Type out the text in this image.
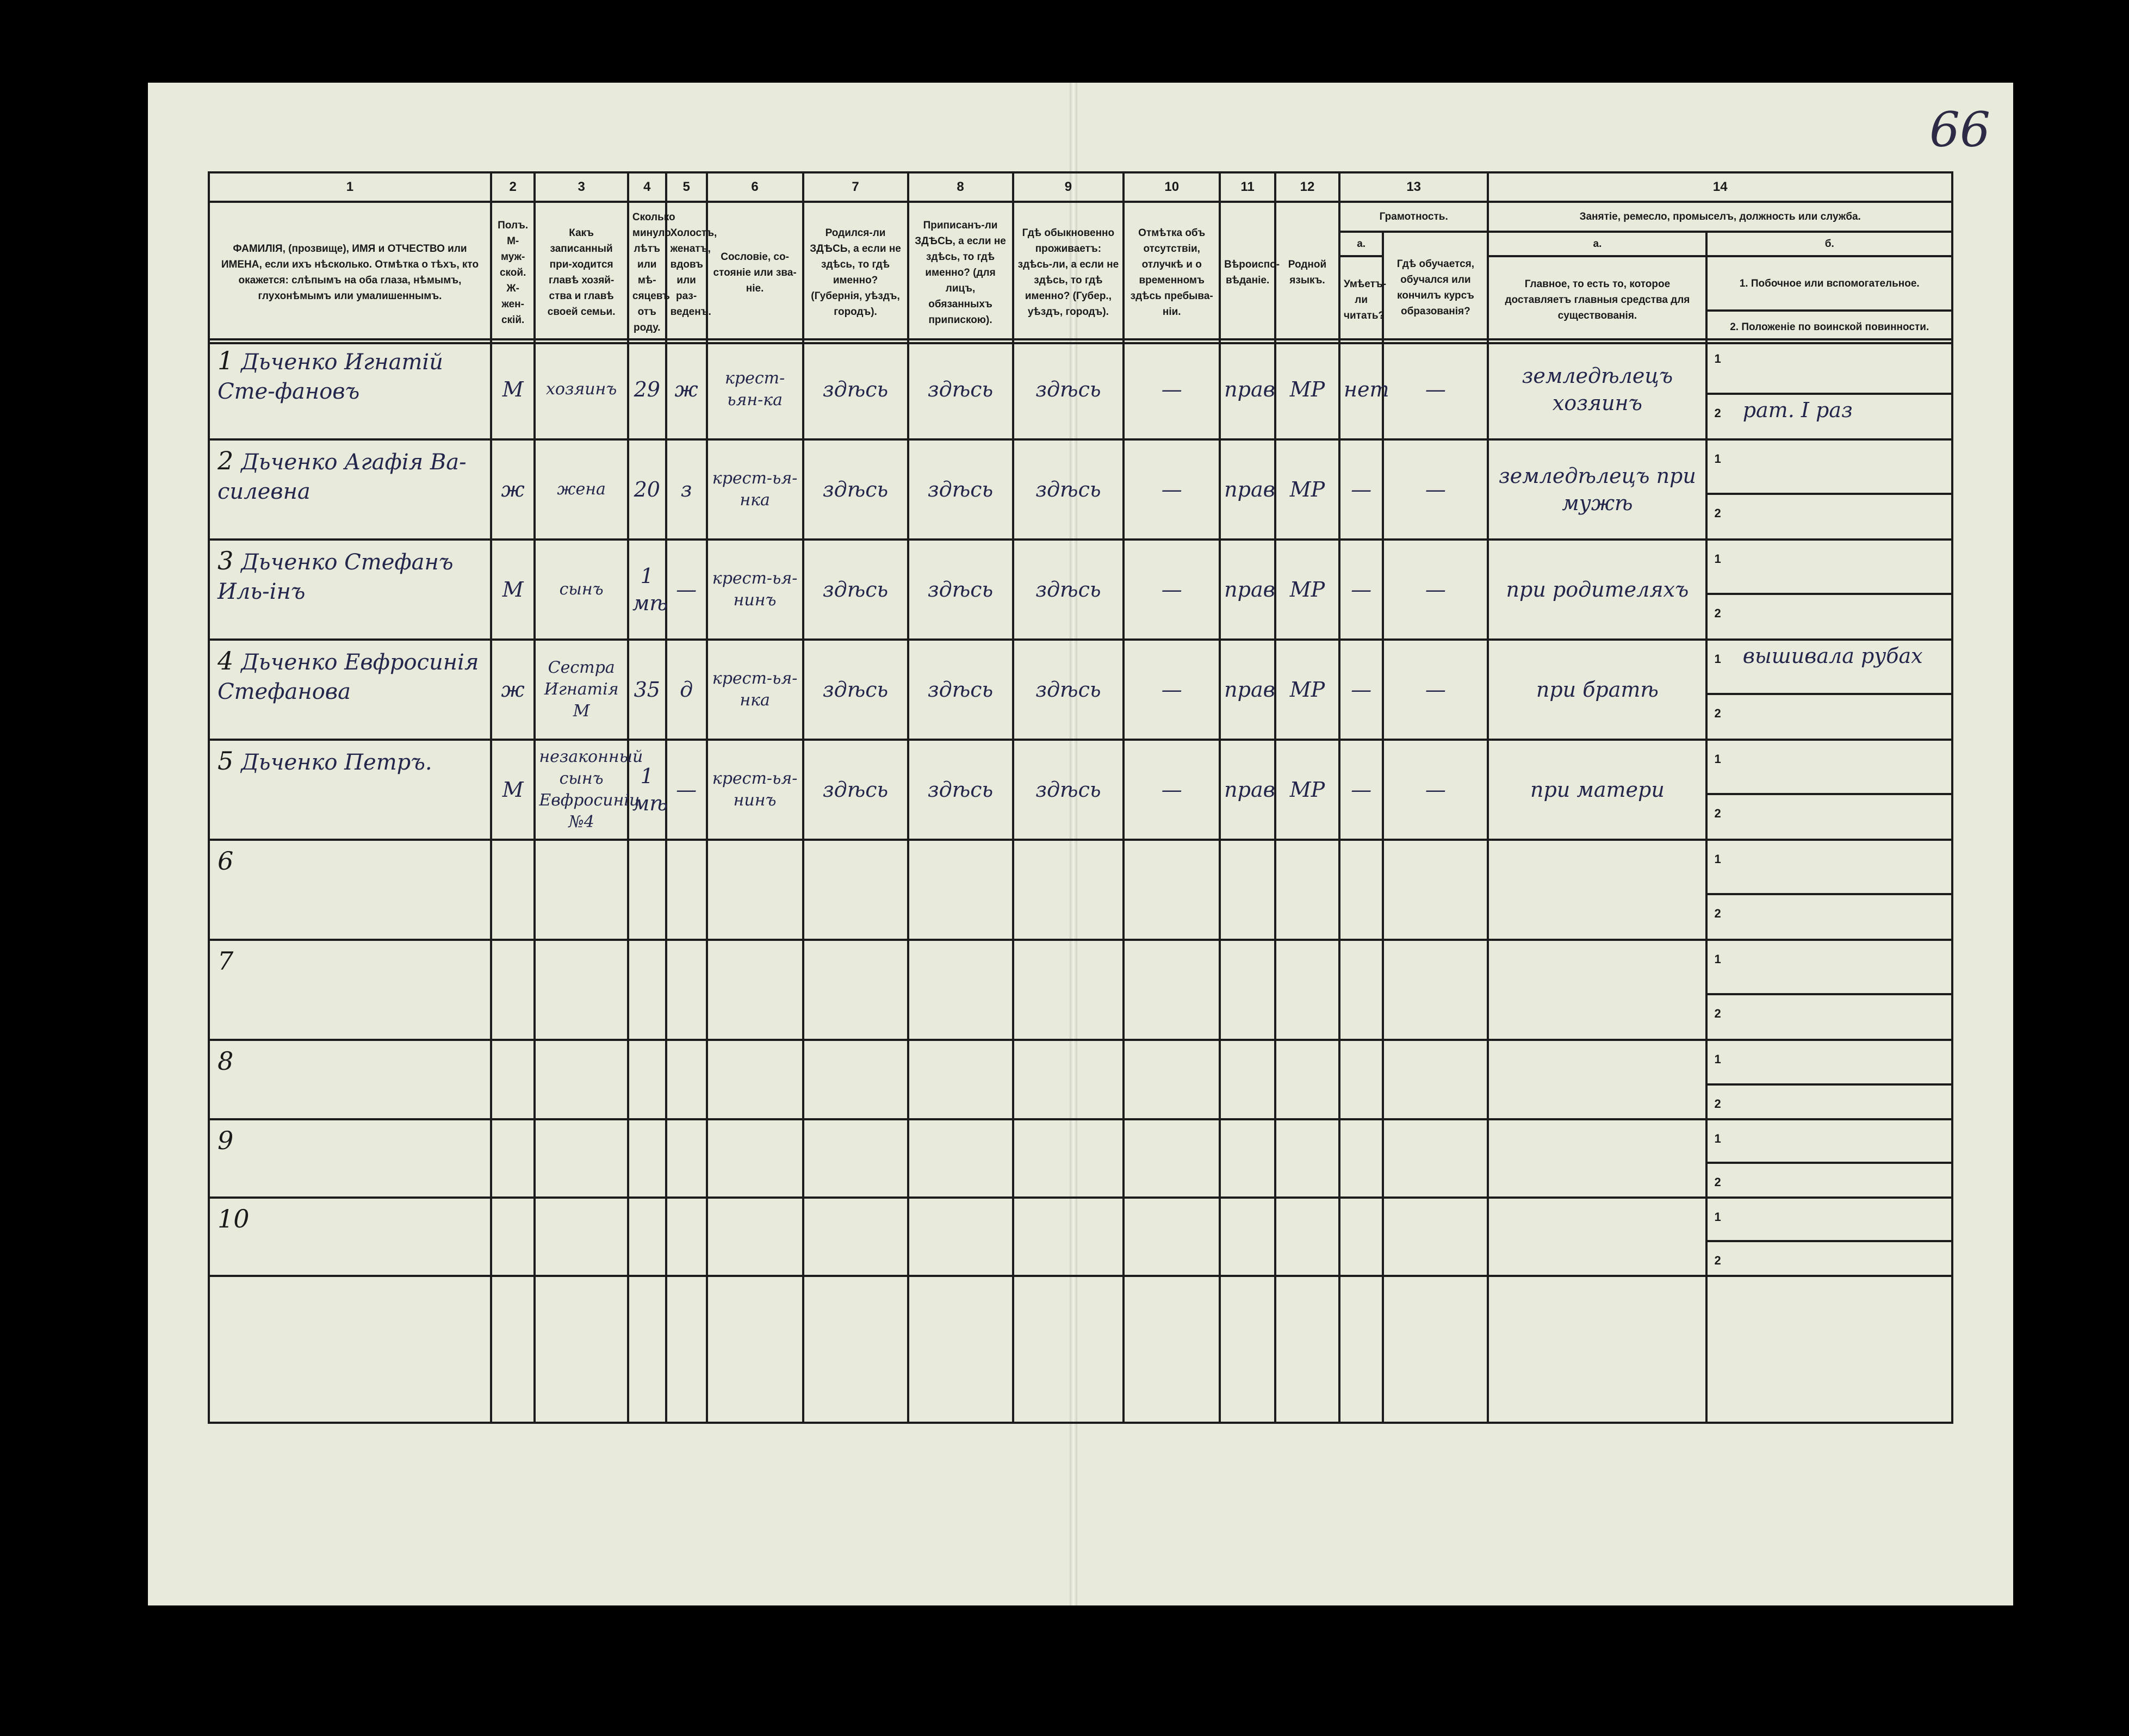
66
1	2	3	4	5	6	7	8	9	10	11	12	13		14	
ФАМИЛІЯ, (прозвище), ИМЯ и ОТЧЕСТВО или ИМЕНА, если ихъ нѣсколько. Отмѣтка о тѣхъ, кто окажется: слѣпымъ на оба глаза, нѣмымъ, глухонѣмымъ или умалишеннымъ.	Полъ. М-муж-ской. Ж-жен-скій.	Какъ записанный при-ходится главѣ хозяй-ства и главѣ своей семьи.	Сколько минуло лѣтъ или мѣ-сяцевъ отъ роду.	Холостъ, женатъ, вдовъ или раз-веденъ.	Сословіе, со-стояніе или зва-ніе.	Родился-ли ЗДѢСЬ, а если не здѣсь, то гдѣ именно? (Губернія, уѣздъ, городъ).	Приписанъ-ли ЗДѢСЬ, а если не здѣсь, то гдѣ именно? (для лицъ, обязанныхъ припискою).	Гдѣ обыкновенно проживаетъ: здѣсь-ли, а если не здѣсь, то гдѣ именно? (Губер., уѣздъ, городъ).	Отмѣтка объ отсутствіи, отлучкѣ и о временномъ здѣсь пребыва-ніи.	Вѣроиспо-вѣданіе.	Родной языкъ.	Грамотность.		Занятіе, ремесло, промыселъ, должность или служба.	
												а.	Гдѣ обучается, обучался или кончилъ курсъ образованія?	а.	б.
												Умѣетъ-ли читать?		Главное, то есть то, которое доставляетъ главныя средства для существованія.	1. Побочное или вспомогательное.
															2. Положеніе по воинской повинности.
1 Дьченко Игнатій Сте-фановъ	М	хозяинъ	29	ж	крест-ьян-ка	здѣсь	здѣсь	здѣсь	—	прав	МР	нет	—	земледѣлецъ хозяинъ	1
															2 рат. I раз
2 Дьченко Агафія Ва-силевна	ж	жена	20	з	крест-ья-нка	здѣсь	здѣсь	здѣсь	—	прав	МР	—	—	земледѣлецъ при мужѣ	1
															2
3 Дьченко Стефанъ Иль-інъ	М	сынъ	1 мѣ	—	крест-ья-нинъ	здѣсь	здѣсь	здѣсь	—	прав	МР	—	—	при родителяхъ	1
															2
4 Дьченко Евфросинія Стефанова	ж	Сестра Игнатія М	35	д	крест-ья-нка	здѣсь	здѣсь	здѣсь	—	прав	МР	—	—	при братѣ	1 вышивала рубах
															2
5 Дьченко Петръ.	М	незаконный сынъ Евфросиніи №4	1 мѣ	—	крест-ья-нинъ	здѣсь	здѣсь	здѣсь	—	прав	МР	—	—	при матери	1
															2
6															1
															2
7															1
															2
8															1
															2
9															1
															2
10															1
															2
